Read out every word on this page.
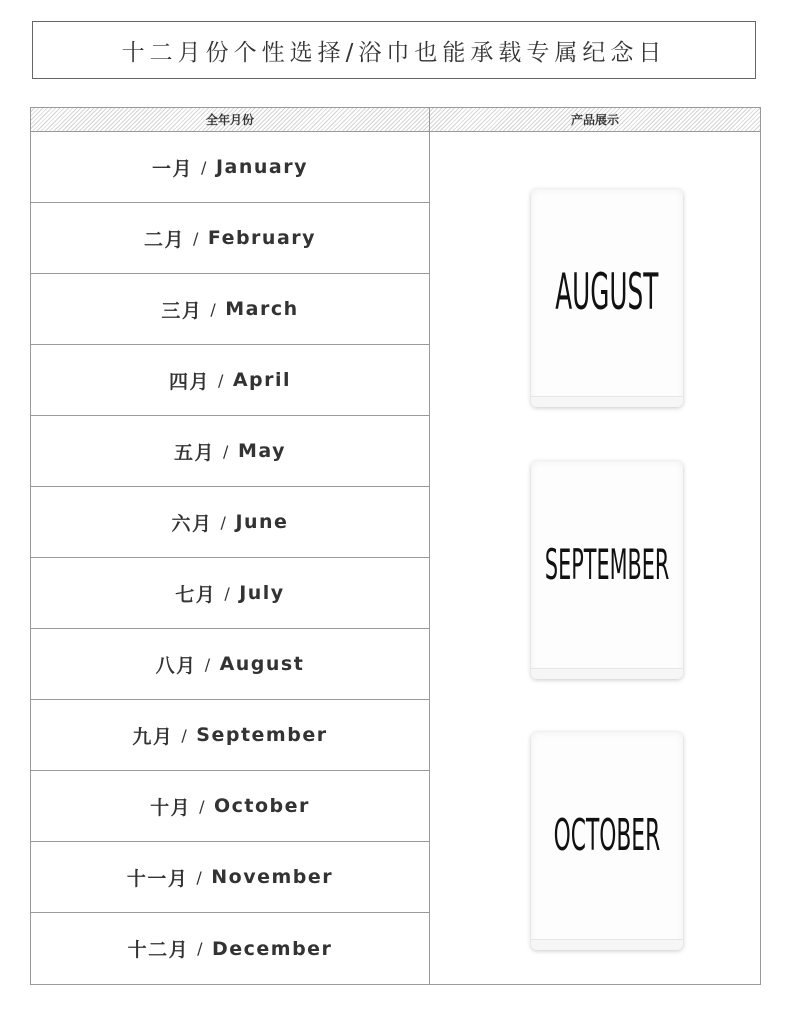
十二月份个性选择/浴巾也能承载专属纪念日
全年月份	产品展示
一月 / January
二月 / February
三月 / March
四月 / April
五月 / May
六月 / June
七月 / July
八月 / August
九月 / September
十月 / October
十一月 / November
十二月 / December
AUGUST
SEPTEMBER
OCTOBER
